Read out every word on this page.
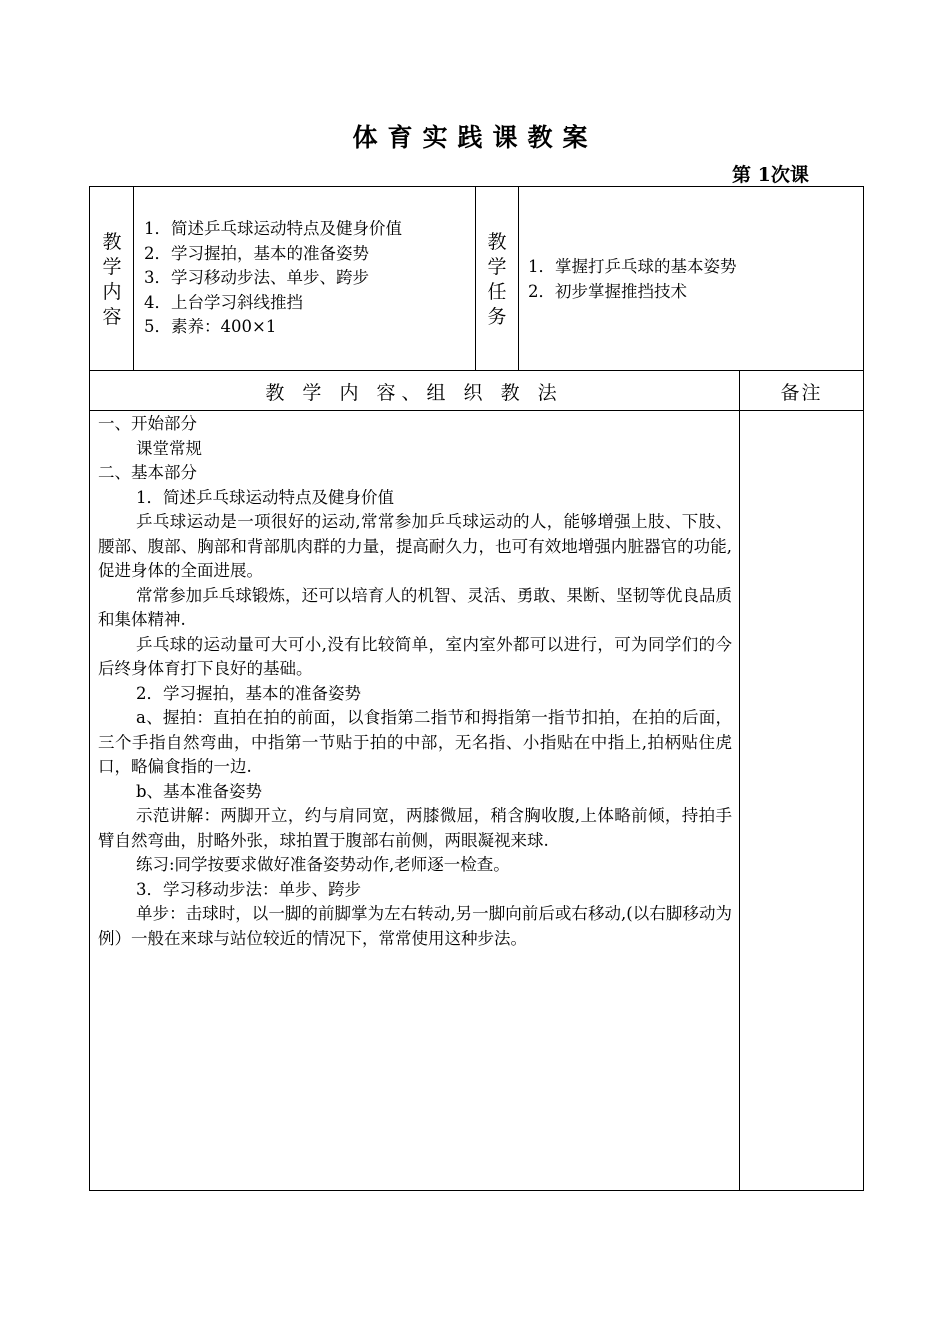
体育实践课教案
第 1次课
教
学
内
容
1．简述乒乓球运动特点及健身价值
2．学习握拍，基本的准备姿势
3．学习移动步法、单步、跨步
4．上台学习斜线推挡
5．素养：400×1
教
学
任
务
1．掌握打乒乓球的基本姿势
2．初步掌握推挡技术
教 学 内 容、组 织 教 法	备注

一、开始部分

课堂常规

二、基本部分

1．简述乒乓球运动特点及健身价值

乒乓球运动是一项很好的运动,常常参加乒乓球运动的人，能够增强上肢、下肢、腰部、腹部、胸部和背部肌肉群的力量，提高耐久力，也可有效地增强内脏器官的功能,促进身体的全面进展。

常常参加乒乓球锻炼，还可以培育人的机智、灵活、勇敢、果断、坚韧等优良品质和集体精神.

乒乓球的运动量可大可小,没有比较简单，室内室外都可以进行，可为同学们的今后终身体育打下良好的基础。

2．学习握拍，基本的准备姿势

a、握拍：直拍在拍的前面，以食指第二指节和拇指第一指节扣拍，在拍的后面，三个手指自然弯曲，中指第一节贴于拍的中部，无名指、小指贴在中指上,拍柄贴住虎口，略偏食指的一边.

b、基本准备姿势

示范讲解：两脚开立，约与肩同宽，两膝微屈，稍含胸收腹,上体略前倾，持拍手臂自然弯曲，肘略外张，球拍置于腹部右前侧，两眼凝视来球.

练习:同学按要求做好准备姿势动作,老师逐一检查。

3．学习移动步法：单步、跨步

单步：击球时，以一脚的前脚掌为左右转动,另一脚向前后或右移动,(以右脚移动为例）一般在来球与站位较近的情况下，常常使用这种步法。
